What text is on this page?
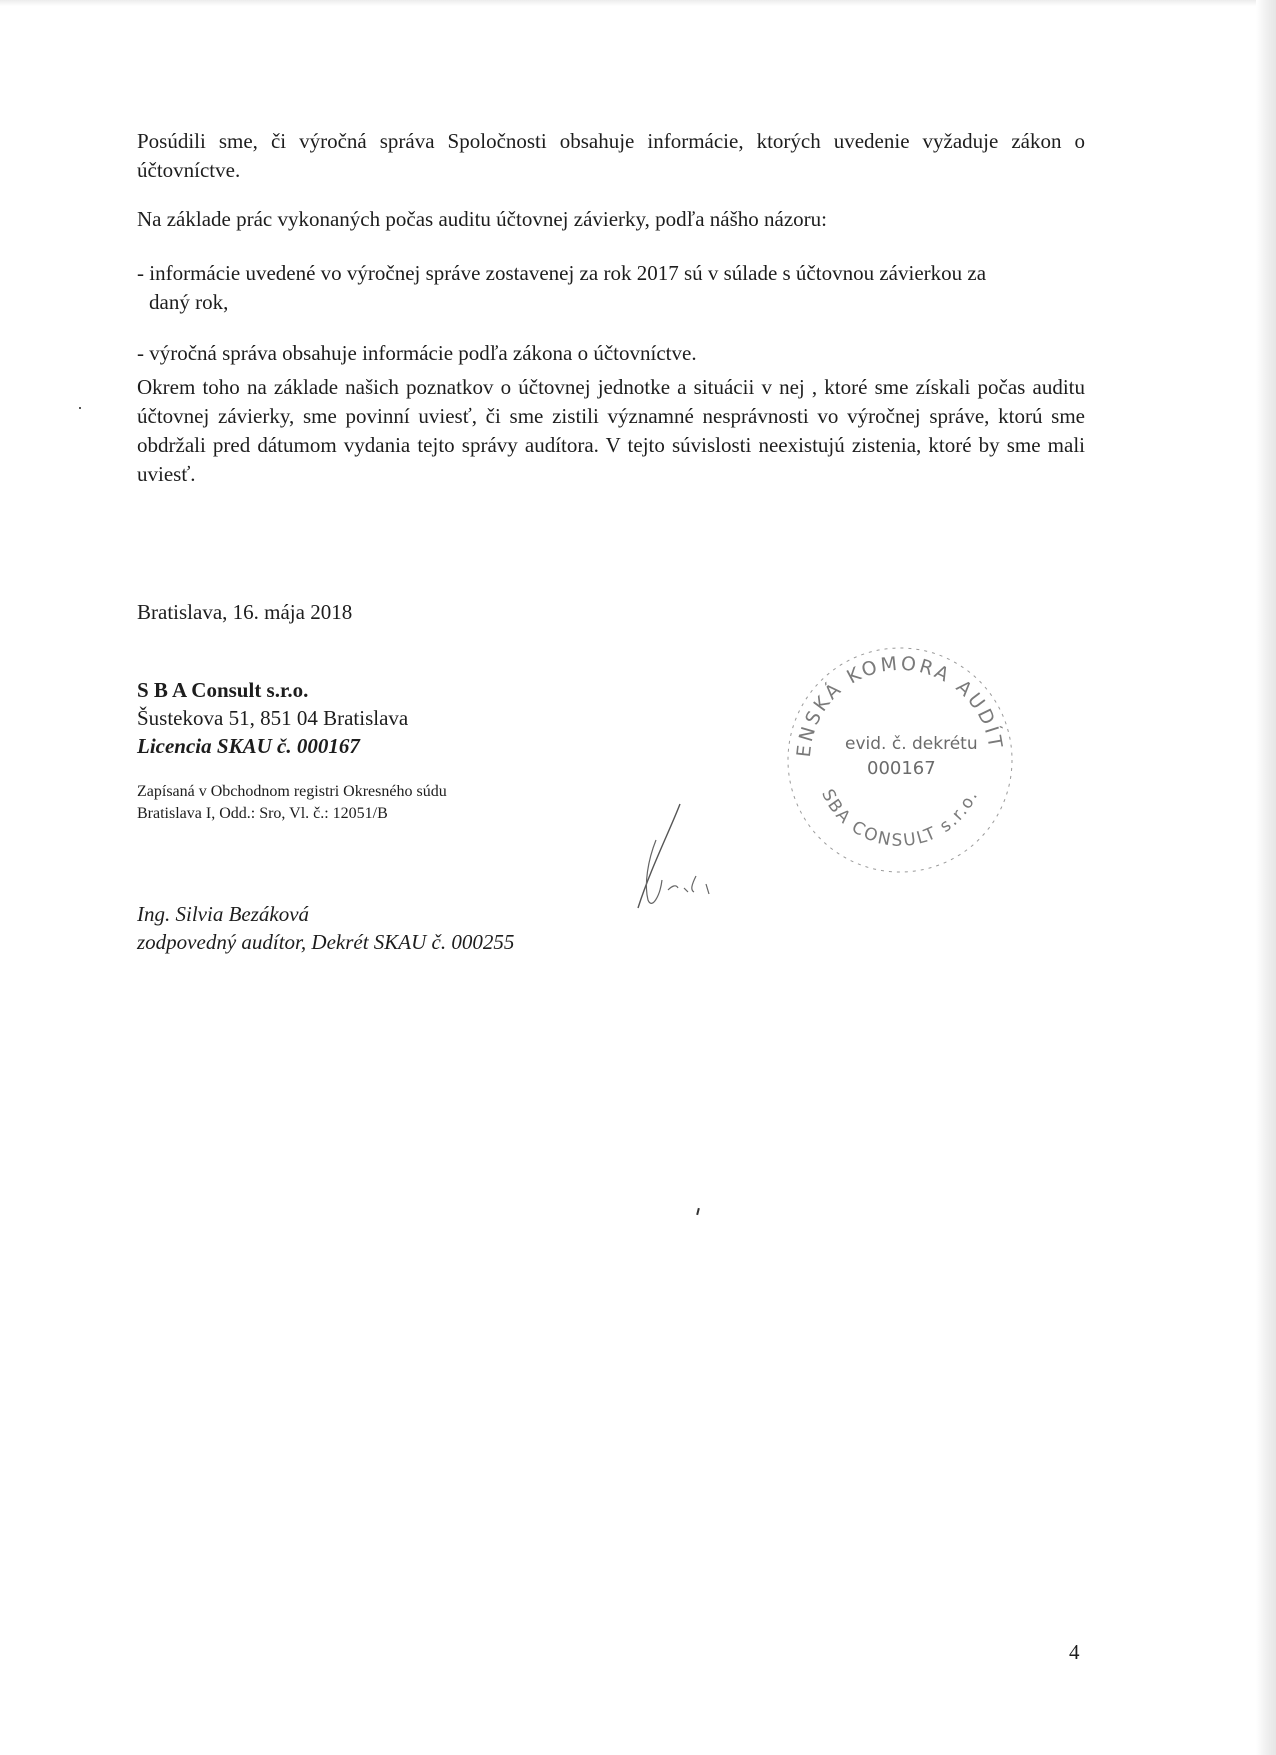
Posúdili sme, či výročná správa Spoločnosti obsahuje informácie, ktorých uvedenie vyžaduje zákon o účtovníctve.

Na základe prác vykonaných počas auditu účtovnej závierky, podľa nášho názoru:

- informácie uvedené vo výročnej správe zostavenej za rok 2017 sú v súlade s účtovnou závierkou za

daný rok,

- výročná správa obsahuje informácie podľa zákona o účtovníctve.

Okrem toho na základe našich poznatkov o účtovnej jednotke a situácii v nej , ktoré sme získali počas auditu účtovnej závierky, sme povinní uviesť, či sme zistili významné nesprávnosti vo výročnej správe, ktorú sme obdržali pred dátumom vydania tejto správy audítora. V tejto súvislosti neexistujú zistenia, ktoré by sme mali uviesť.

Bratislava, 16. mája 2018

S B A Consult s.r.o.
Šustekova 51, 851 04 Bratislava
Licencia SKAU č. 000167
Zapísaná v Obchodnom registri Okresného súdu
Bratislava I, Odd.: Sro, Vl. č.: 12051/B
Ing. Silvia Bezáková
zodpovedný audítor, Dekrét SKAU č. 000255
ENSKÁ KOMORA AUDÍT
SBA CONSULT s.r.o.
evid. č. dekrétu
000167
4
